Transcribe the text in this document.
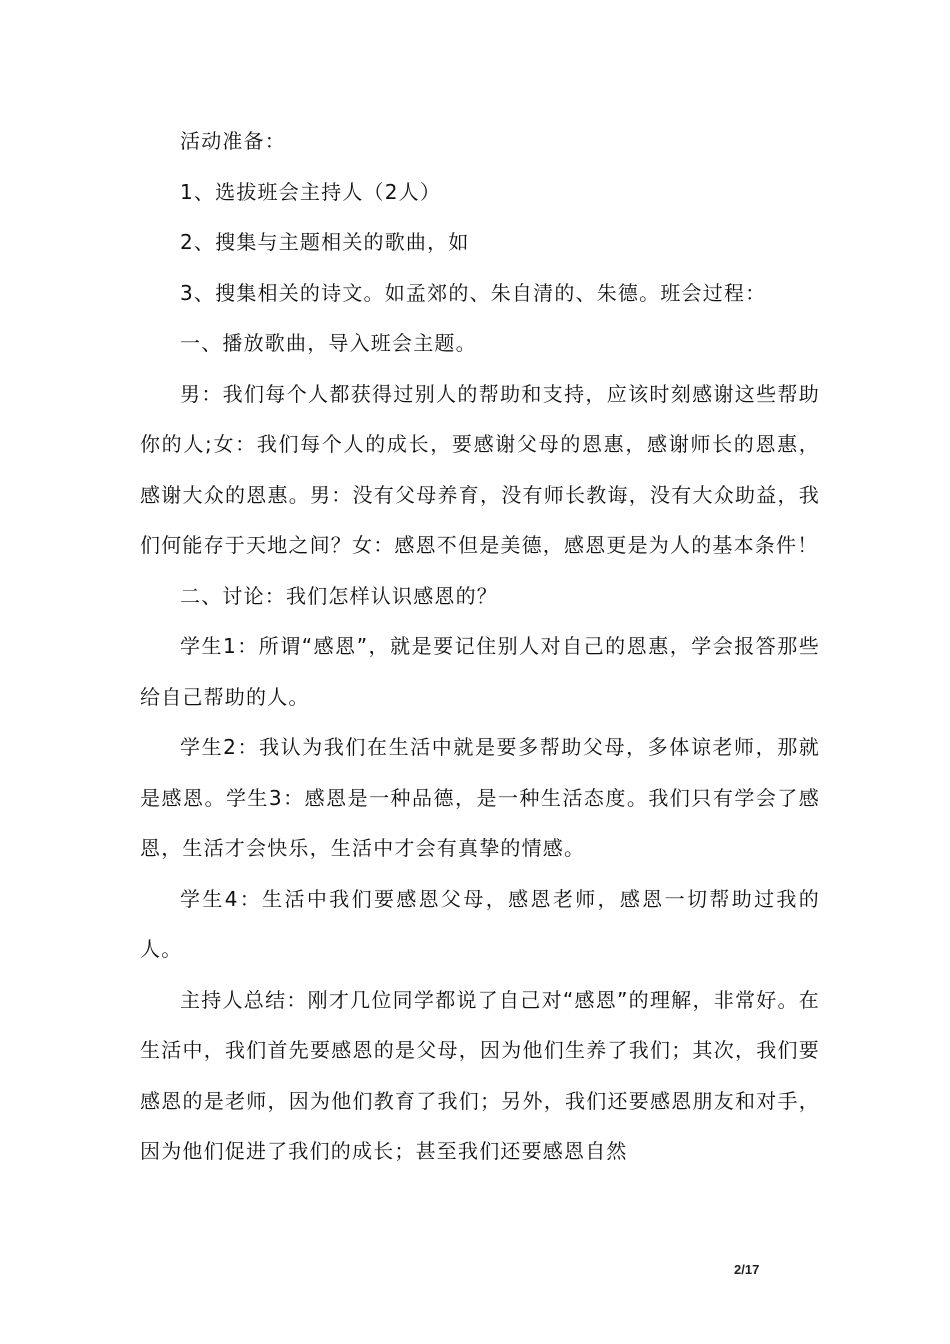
活动准备：

1、选拔班会主持人（2人）

2、搜集与主题相关的歌曲，如

3、搜集相关的诗文。如孟郊的、朱自清的、朱德。班会过程：

一、播放歌曲，导入班会主题。

男：我们每个人都获得过别人的帮助和支持，应该时刻感谢这些帮助你的人;女：我们每个人的成长，要感谢父母的恩惠，感谢师长的恩惠，感谢大众的恩惠。男：没有父母养育，没有师长教诲，没有大众助益，我们何能存于天地之间？女：感恩不但是美德，感恩更是为人的基本条件！

二、讨论：我们怎样认识感恩的？

学生1：所谓“感恩”，就是要记住别人对自己的恩惠，学会报答那些给自己帮助的人。

学生2：我认为我们在生活中就是要多帮助父母，多体谅老师，那就是感恩。学生3：感恩是一种品德，是一种生活态度。我们只有学会了感恩，生活才会快乐，生活中才会有真挚的情感。

学生4：生活中我们要感恩父母，感恩老师，感恩一切帮助过我的人。

主持人总结：刚才几位同学都说了自己对“感恩”的理解，非常好。在生活中，我们首先要感恩的是父母，因为他们生养了我们；其次，我们要感恩的是老师，因为他们教育了我们；另外，我们还要感恩朋友和对手，因为他们促进了我们的成长；甚至我们还要感恩自然

2/17
